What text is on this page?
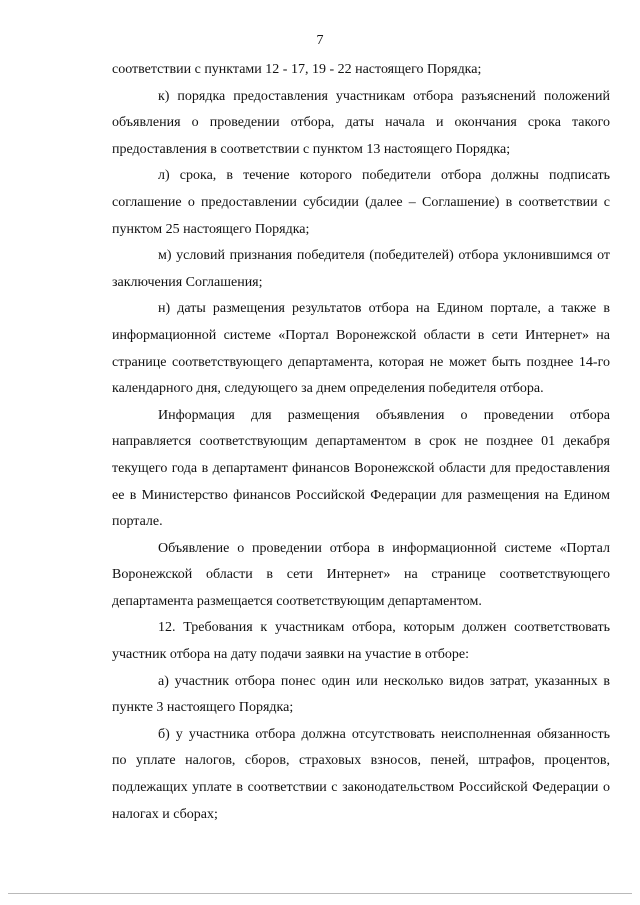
7

соответствии с пунктами 12 - 17, 19 - 22 настоящего Порядка;

к) порядка предоставления участникам отбора разъяснений положений объявления о проведении отбора, даты начала и окончания срока такого предоставления в соответствии с пунктом 13 настоящего Порядка;

л) срока, в течение которого победители отбора должны подписать соглашение о предоставлении субсидии (далее – Соглашение) в соответствии с пунктом 25 настоящего Порядка;

м) условий признания победителя (победителей) отбора уклонившимся от заключения Соглашения;

н) даты размещения результатов отбора на Едином портале, а также в информационной системе «Портал Воронежской области в сети Интернет» на странице соответствующего департамента, которая не может быть позднее 14-го календарного дня, следующего за днем определения победителя отбора.

Информация для размещения объявления о проведении отбора направляется соответствующим департаментом в срок не позднее 01 декабря текущего года в департамент финансов Воронежской области для предоставления ее в Министерство финансов Российской Федерации для размещения на Едином портале.

Объявление о проведении отбора в информационной системе «Портал Воронежской области в сети Интернет» на странице соответствующего департамента размещается соответствующим департаментом.

12. Требования к участникам отбора, которым должен соответствовать участник отбора на дату подачи заявки на участие в отборе:

а) участник отбора понес один или несколько видов затрат, указанных в пункте 3 настоящего Порядка;

б) у участника отбора должна отсутствовать неисполненная обязанность по уплате налогов, сборов, страховых взносов, пеней, штрафов, процентов, подлежащих уплате в соответствии с законодательством Российской Федерации о налогах и сборах;
